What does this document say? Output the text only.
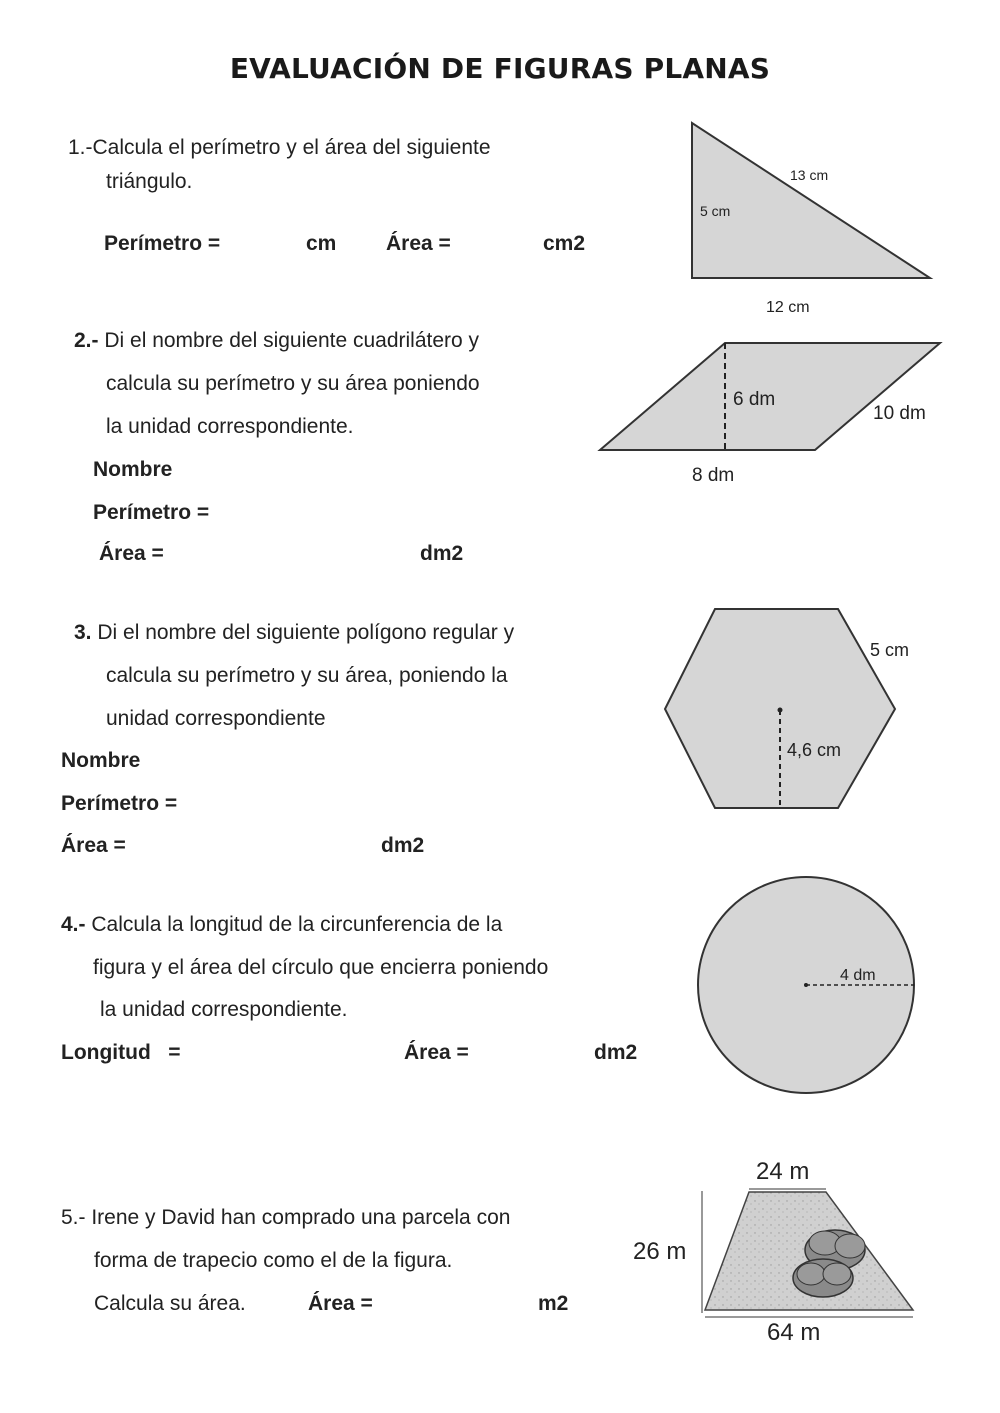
EVALUACIÓN DE FIGURAS PLANAS
1.-Calcula el perímetro y el área del siguiente
triángulo.
Perímetro =	cm Área =	cm2
13 cm
5 cm
12 cm
2.- Di el nombre del siguiente cuadrilátero y
calcula su perímetro y su área poniendo
la unidad correspondiente.
Nombre
Perímetro =
Área =	dm2
6 dm
10 dm
8 dm
3. Di el nombre del siguiente polígono regular y
calcula su perímetro y su área, poniendo la
unidad correspondiente
Nombre
Perímetro =
Área =	dm2
5 cm
4,6 cm
4.- Calcula la longitud de la circunferencia de la
figura y el área del círculo que encierra poniendo
la unidad correspondiente.
Longitud   =	Área =	dm2
4 dm
5.- Irene y David han comprado una parcela con
forma de trapecio como el de la figura.
Calcula su área.	Área =	m2
24 m
26 m
64 m
